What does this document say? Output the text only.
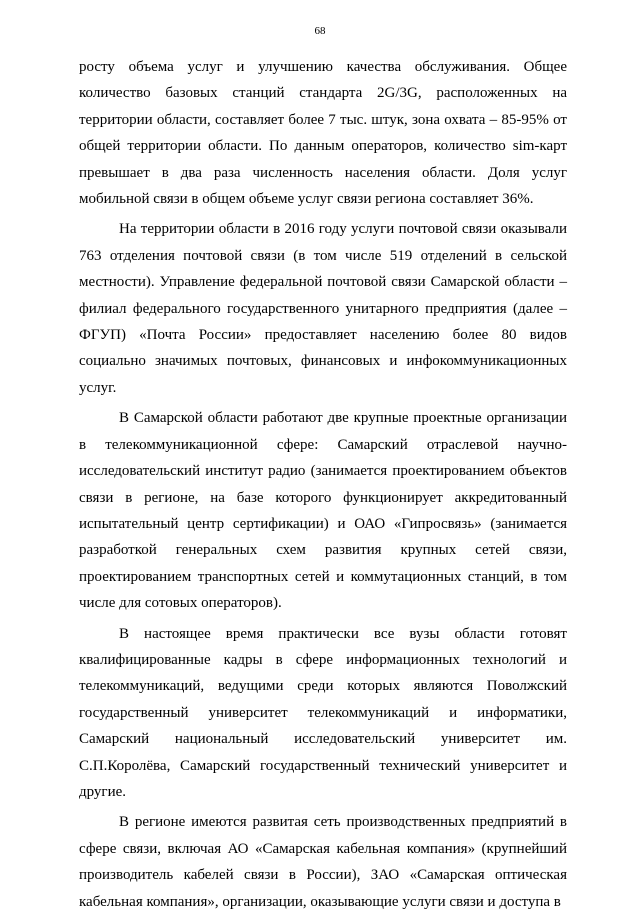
68

росту объема услуг и улучшению качества обслуживания. Общее количество базовых станций стандарта 2G/3G, расположенных на территории области, составляет более 7 тыс. штук, зона охвата – 85-95% от общей территории области. По данным операторов, количество sim-карт превышает в два раза численность населения области. Доля услуг мобильной связи в общем объеме услуг связи региона составляет 36%.

На территории области в 2016 году услуги почтовой связи оказывали 763 отделения почтовой связи (в том числе 519 отделений в сельской местности). Управление федеральной почтовой связи Самарской области – филиал федерального государственного унитарного предприятия (далее – ФГУП) «Почта России» предоставляет населению более 80 видов социально значимых почтовых, финансовых и инфокоммуникационных услуг.

В Самарской области работают две крупные проектные организации в телекоммуникационной сфере: Самарский отраслевой научно-исследовательский институт радио (занимается проектированием объектов связи в регионе, на базе которого функционирует аккредитованный испытательный центр сертификации) и ОАО «Гипросвязь» (занимается разработкой генеральных схем развития крупных сетей связи, проектированием транспортных сетей и коммутационных станций, в том числе для сотовых операторов).

В настоящее время практически все вузы области готовят квалифицированные кадры в сфере информационных технологий и телекоммуникаций, ведущими среди которых являются Поволжский государственный университет телекоммуникаций и информатики, Самарский национальный исследовательский университет им. С.П.Королёва, Самарский государственный технический университет и другие.

В регионе имеются развитая сеть производственных предприятий в сфере связи, включая АО «Самарская кабельная компания» (крупнейший производитель кабелей связи в России), ЗАО «Самарская оптическая кабельная компания», организации, оказывающие услуги связи и доступа в
